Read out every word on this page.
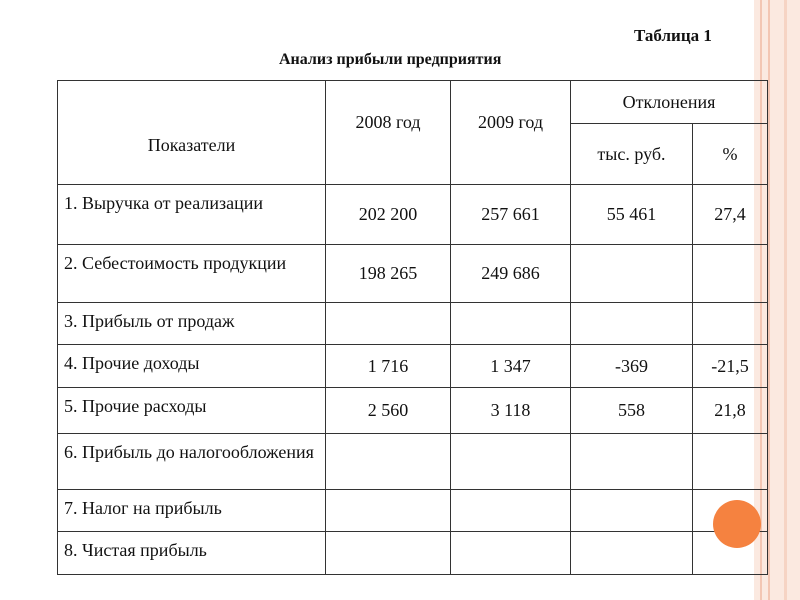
Таблица 1
Анализ прибыли предприятия
Показатели	2008 год	2009 год	Отклонения	
			тыс. руб.	%
1. Выручка от реализации	202 200	257 661	55 461	27,4
2. Себестоимость продукции	198 265	249 686		
3. Прибыль от продаж				
4. Прочие доходы	1 716	1 347	-369	-21,5
5. Прочие расходы	2 560	3 118	558	21,8
6. Прибыль до налогообложения				
7. Налог на прибыль				
8. Чистая прибыль				
